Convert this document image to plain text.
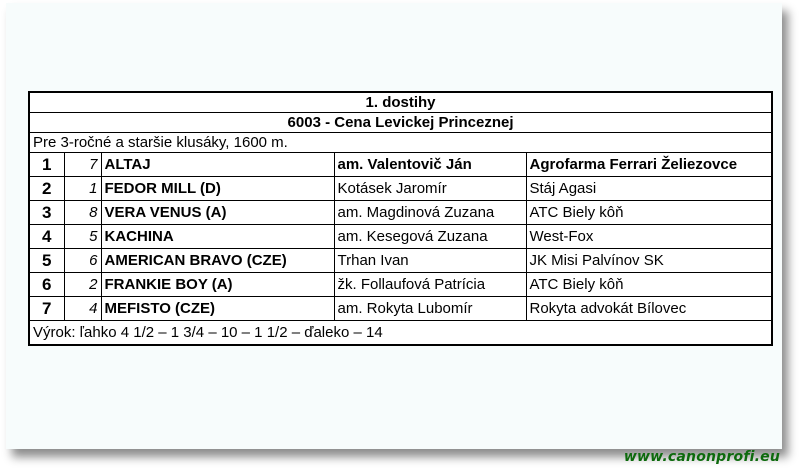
1. dostihy				
6003 - Cena Levickej Princeznej				
Pre 3-ročné a staršie klusáky, 1600 m.				
1	7	ALTAJ	am. Valentovič Ján	Agrofarma Ferrari Želiezovce
2	1	FEDOR MILL (D)	Kotásek Jaromír	Stáj Agasi
3	8	VERA VENUS (A)	am. Magdinová Zuzana	ATC Biely kôň
4	5	KACHINA	am. Kesegová Zuzana	West-Fox
5	6	AMERICAN BRAVO (CZE)	Trhan Ivan	JK Misi Palvínov SK
6	2	FRANKIE BOY (A)	žk. Follaufová Patrícia	ATC Biely kôň
7	4	MEFISTO (CZE)	am. Rokyta Lubomír	Rokyta advokát Bílovec
Výrok: ľahko 4 1/2 – 1 3/4 – 10 – 1 1/2 – ďaleko – 14				
www.canonprofi.eu
